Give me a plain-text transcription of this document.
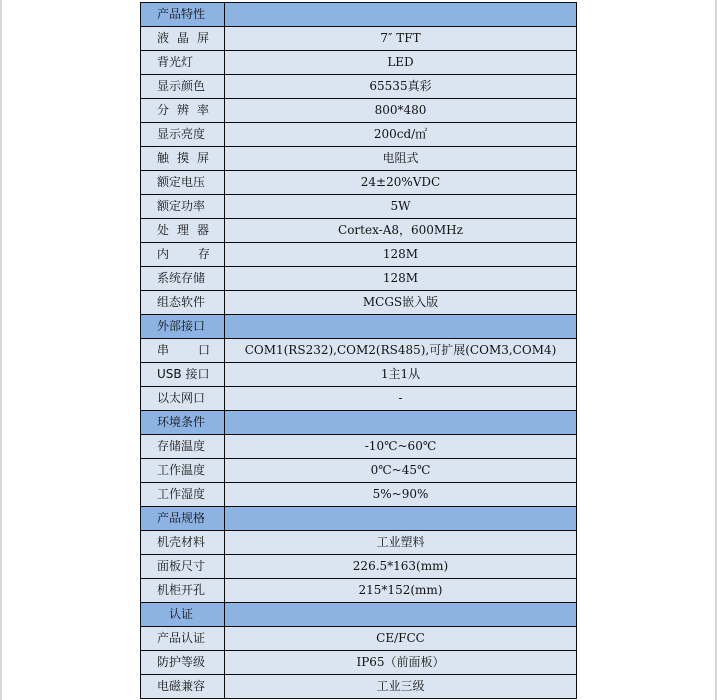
产品特性	
液晶屏	7″ TFT
背光灯	LED
显示颜色	65535真彩
分辨率	800*480
显示亮度	200cd/㎡
触摸屏	电阻式
额定电压	24±20%VDC
额定功率	5W
处理器	Cortex-A8，600MHz
内存	128M
系统存储	128M
组态软件	MCGS嵌入版
外部接口	
串口	COM1(RS232),COM2(RS485),可扩展(COM3,COM4)
USB 接口	1主1从
以太网口	-
环境条件	
存储温度	-10℃~60℃
工作温度	0℃~45℃
工作湿度	5%~90%
产品规格	
机壳材料	工业塑料
面板尺寸	226.5*163(mm)
机柜开孔	215*152(mm)
认证	
产品认证	CE/FCC
防护等级	IP65（前面板）
电磁兼容	工业三级
